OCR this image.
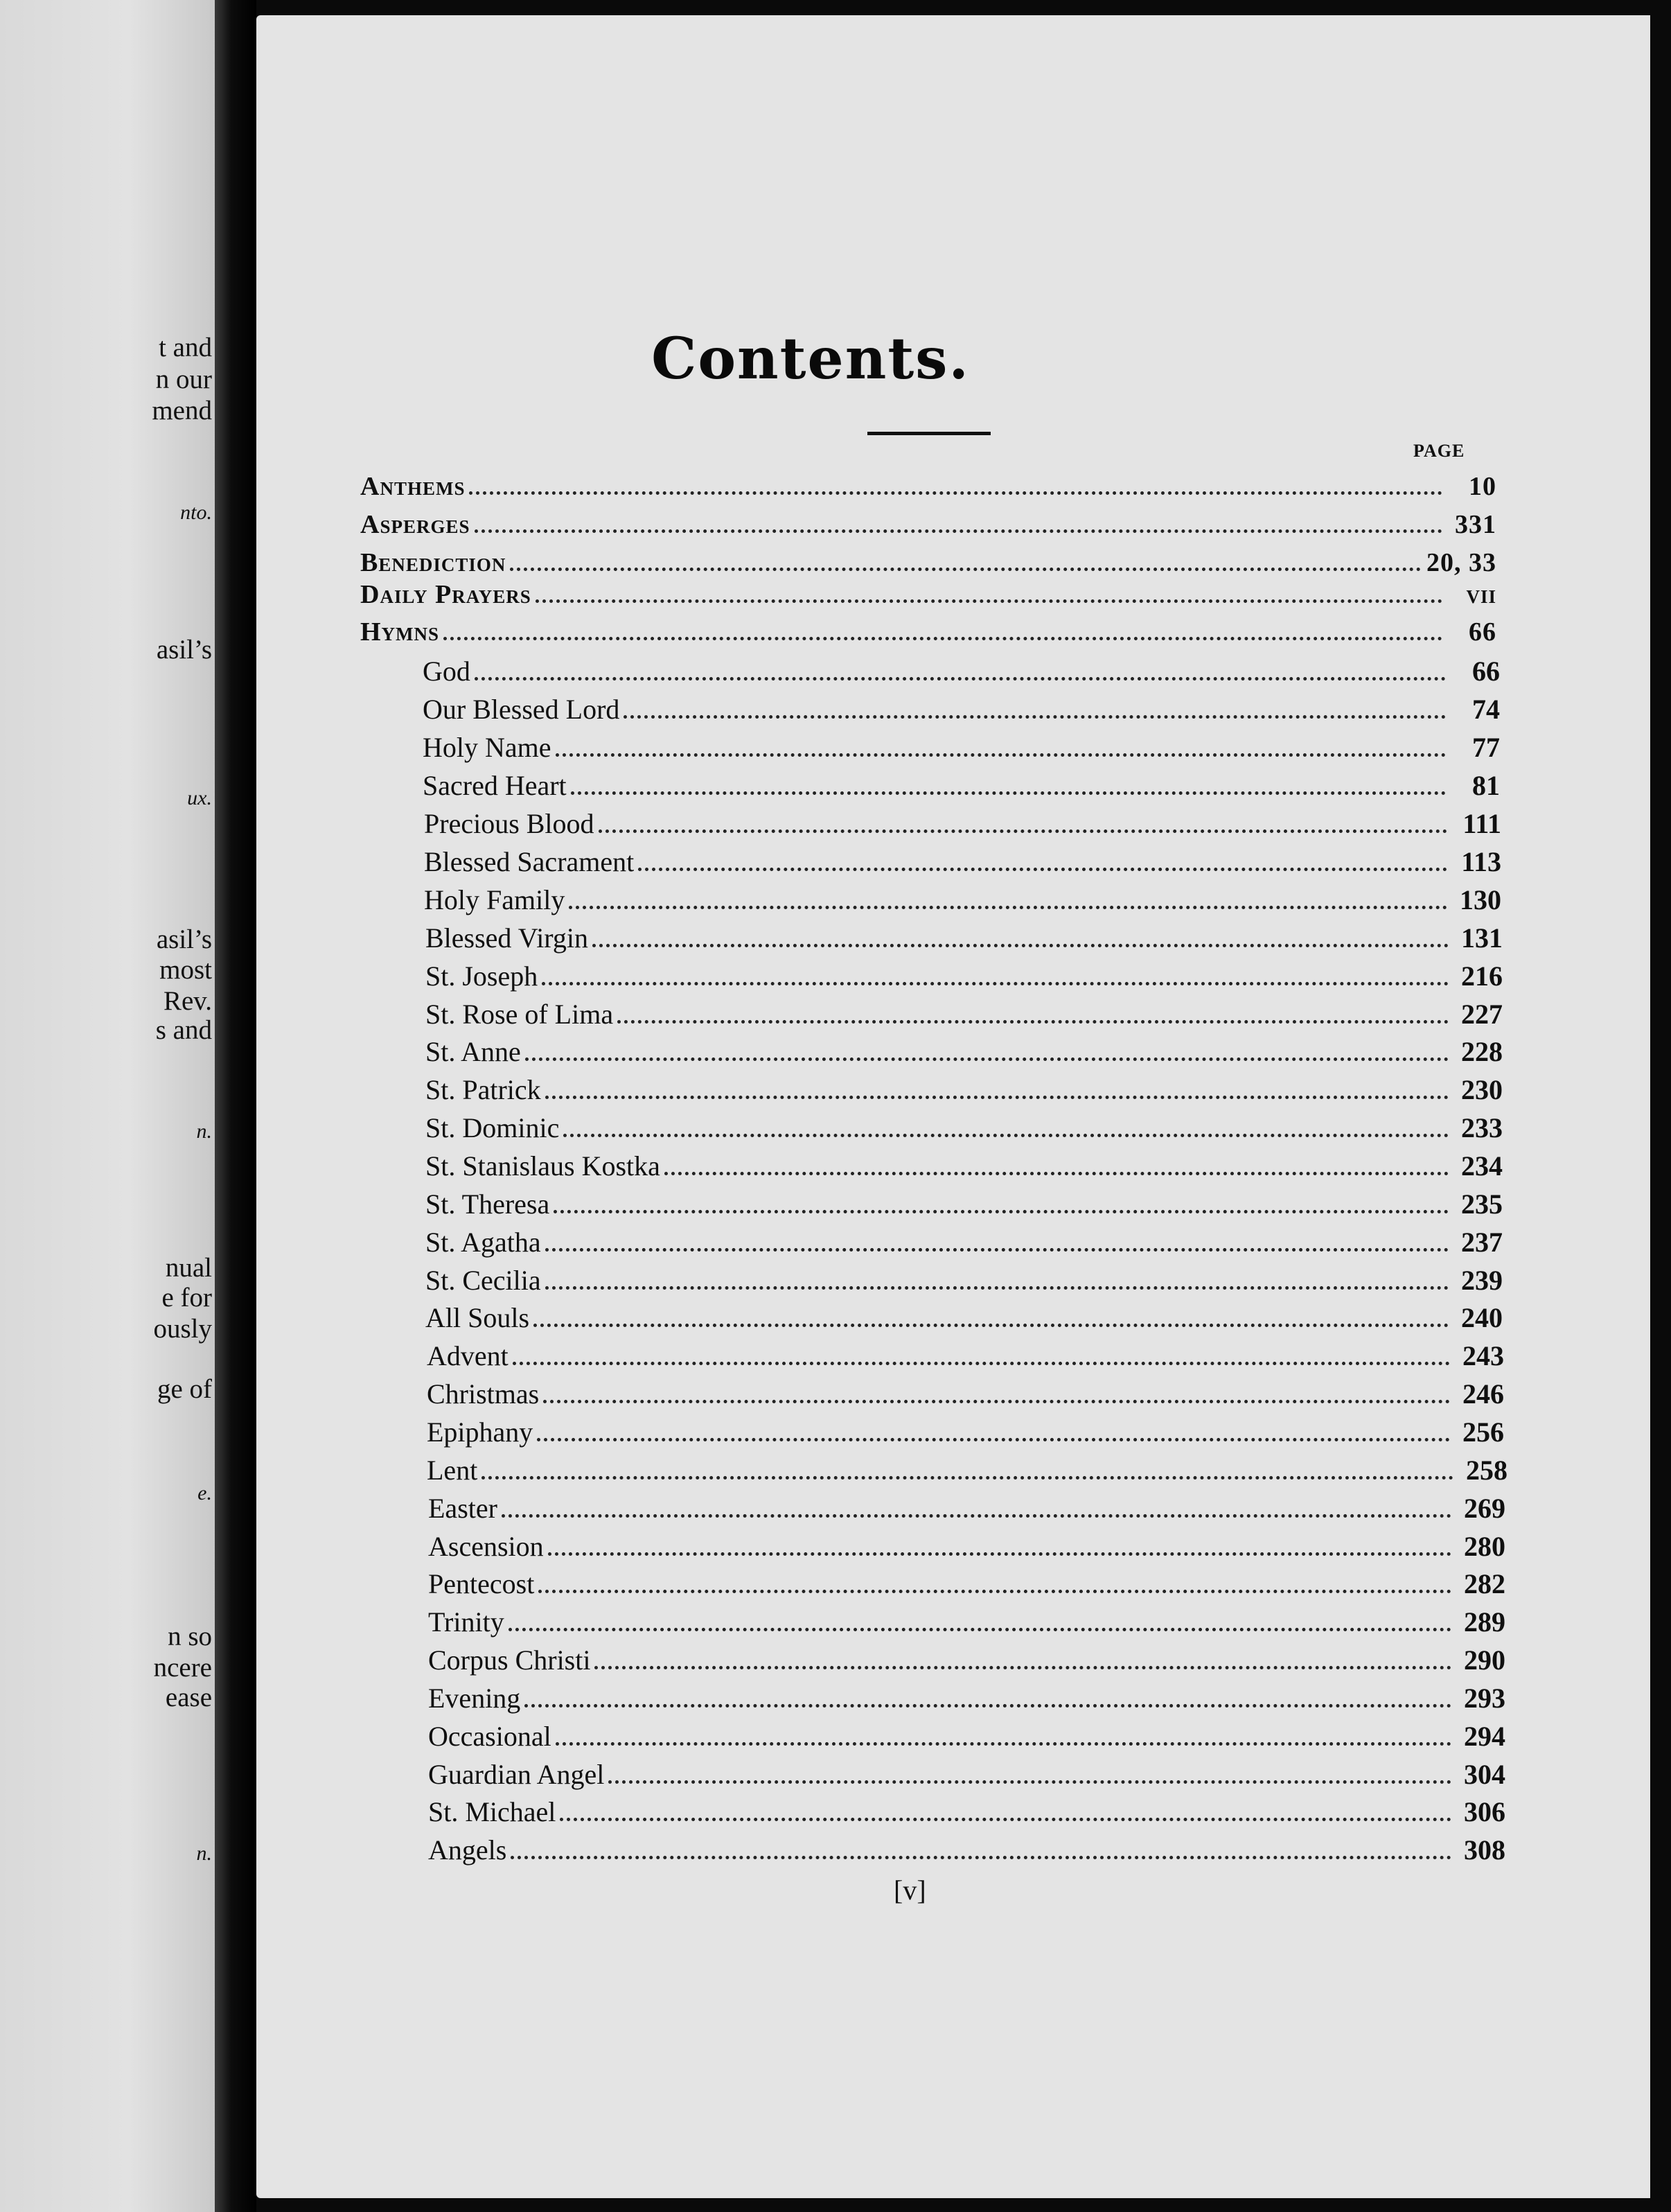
t and
n our
mend
nto.
asil’s
ux.
asil’s
most
Rev.
s and
n.
nual
e for
ously
ge of
e.
n so
ncere
ease
n.
Contents.

PAGE

Anthems	10
Asperges	331
Benediction	20, 33
Daily Prayers	vii
Hymns	66
God	66
Our Blessed Lord	74
Holy Name	77
Sacred Heart	81
Precious Blood	111
Blessed Sacrament	113
Holy Family	130
Blessed Virgin	131
St. Joseph	216
St. Rose of Lima	227
St. Anne	228
St. Patrick	230
St. Dominic	233
St. Stanislaus Kostka	234
St. Theresa	235
St. Agatha	237
St. Cecilia	239
All Souls	240
Advent	243
Christmas	246
Epiphany	256
Lent	258
Easter	269
Ascension	280
Pentecost	282
Trinity	289
Corpus Christi	290
Evening	293
Occasional	294
Guardian Angel	304
St. Michael	306
Angels	308

[v]
